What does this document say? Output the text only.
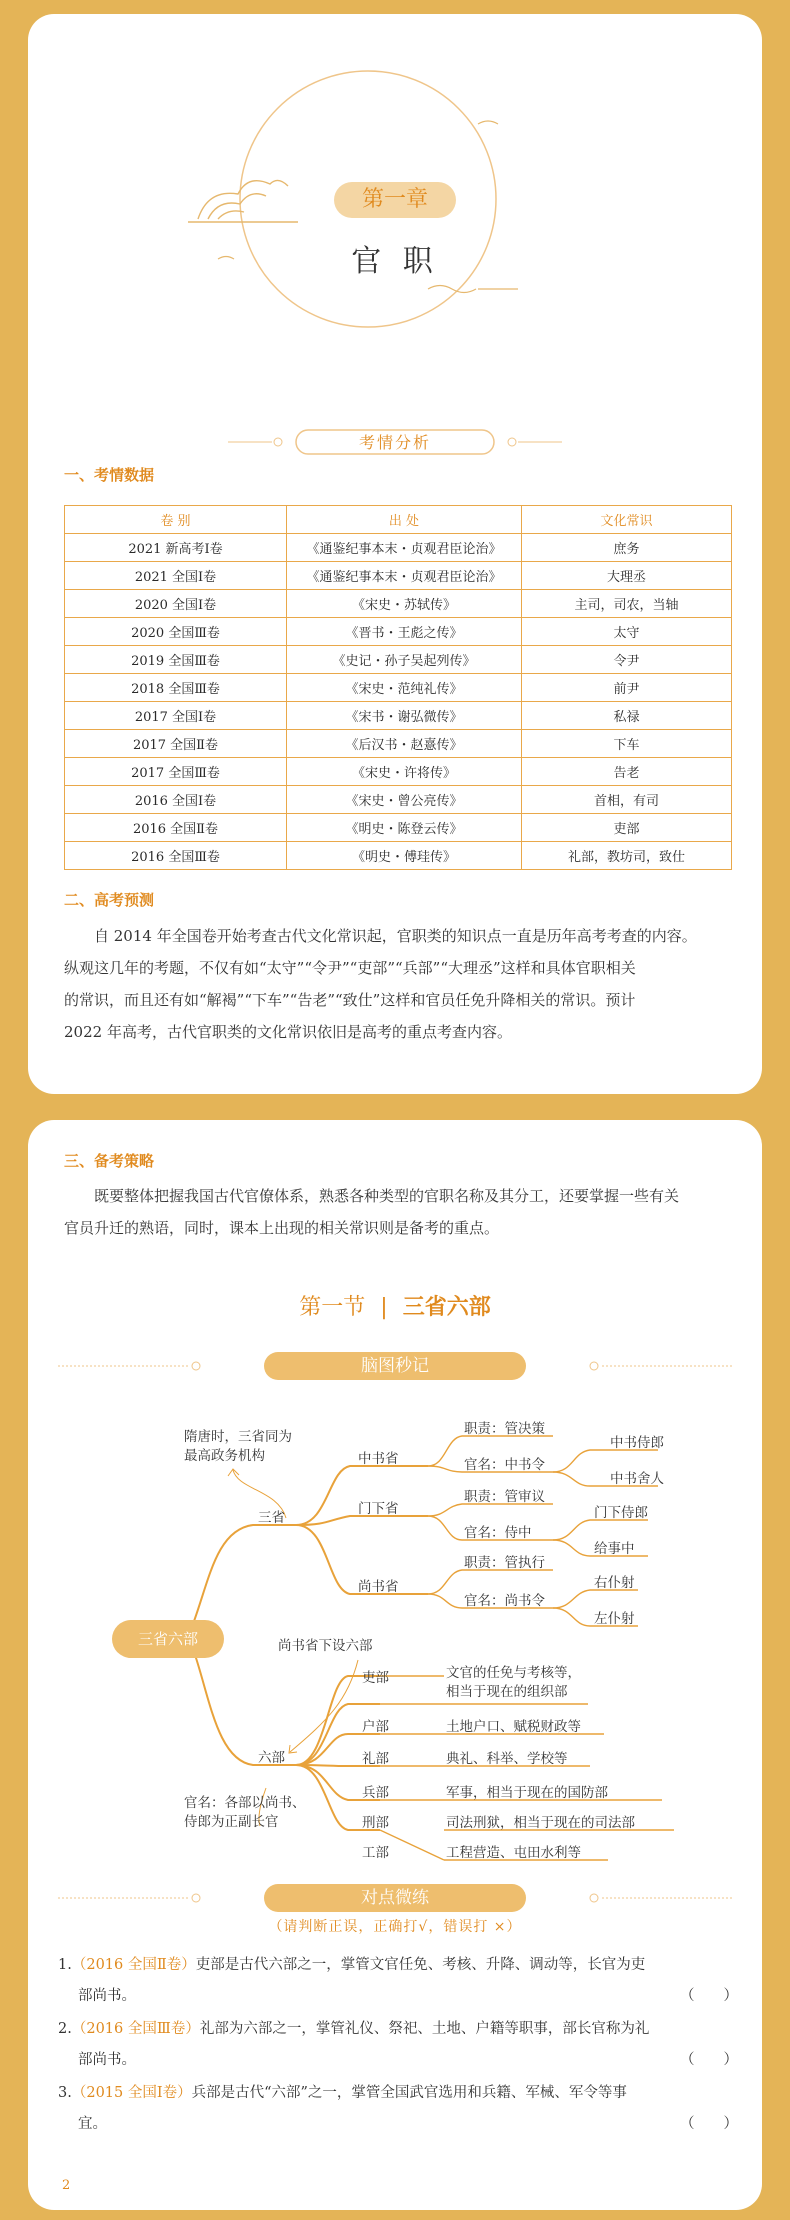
第一章
官 职
考情分析
一、考情数据
卷 别	出 处	文化常识
2021 新高考Ⅰ卷	《通鉴纪事本末・贞观君臣论治》	庶务
2021 全国Ⅰ卷	《通鉴纪事本末・贞观君臣论治》	大理丞
2020 全国Ⅰ卷	《宋史・苏轼传》	主司，司农，当轴
2020 全国Ⅲ卷	《晋书・王彪之传》	太守
2019 全国Ⅲ卷	《史记・孙子吴起列传》	令尹
2018 全国Ⅲ卷	《宋史・范纯礼传》	前尹
2017 全国Ⅰ卷	《宋书・谢弘微传》	私禄
2017 全国Ⅱ卷	《后汉书・赵憙传》	下车
2017 全国Ⅲ卷	《宋史・许将传》	告老
2016 全国Ⅰ卷	《宋史・曾公亮传》	首相，有司
2016 全国Ⅱ卷	《明史・陈登云传》	吏部
2016 全国Ⅲ卷	《明史・傅珪传》	礼部，教坊司，致仕
二、高考预测
自 2014 年全国卷开始考查古代文化常识起，官职类的知识点一直是历年高考考查的内容。
纵观这几年的考题，不仅有如“太守”“令尹”“吏部”“兵部”“大理丞”这样和具体官职相关
的常识，而且还有如“解褐”“下车”“告老”“致仕”这样和官员任免升降相关的常识。预计
2022 年高考，古代官职类的文化常识依旧是高考的重点考查内容。
三、备考策略
既要整体把握我国古代官僚体系，熟悉各种类型的官职名称及其分工，还要掌握一些有关
官员升迁的熟语，同时，课本上出现的相关常识则是备考的重点。
第一节 | 三省六部
脑图秒记
三省六部
三省
隋唐时，三省同为
最高政务机构	中书省
职责：管决策
官名：中书令
中书侍郎
中书舍人
门下省
职责：管审议
官名：侍中
门下侍郎
给事中
尚书省
职责：管执行
官名：尚书令
右仆射
左仆射
尚书省下设六部
六部
官名：各部以尚书、
侍郎为正副长官
吏部	文官的任免与考核等，
相当于现在的组织部
户部	土地户口、赋税财政等
礼部	典礼、科举、学校等
兵部	军事，相当于现在的国防部
刑部	司法刑狱，相当于现在的司法部
工部	工程营造、屯田水利等
对点微练
（请判断正误，正确打√，错误打 ×）
1.（2016 全国Ⅱ卷）吏部是古代六部之一，掌管文官任免、考核、升降、调动等，长官为吏
部尚书。	（　　）
2.（2016 全国Ⅲ卷）礼部为六部之一，掌管礼仪、祭祀、土地、户籍等职事，部长官称为礼
部尚书。	（　　）
3.（2015 全国Ⅰ卷）兵部是古代“六部”之一，掌管全国武官选用和兵籍、军械、军令等事
宜。	（　　）
2
